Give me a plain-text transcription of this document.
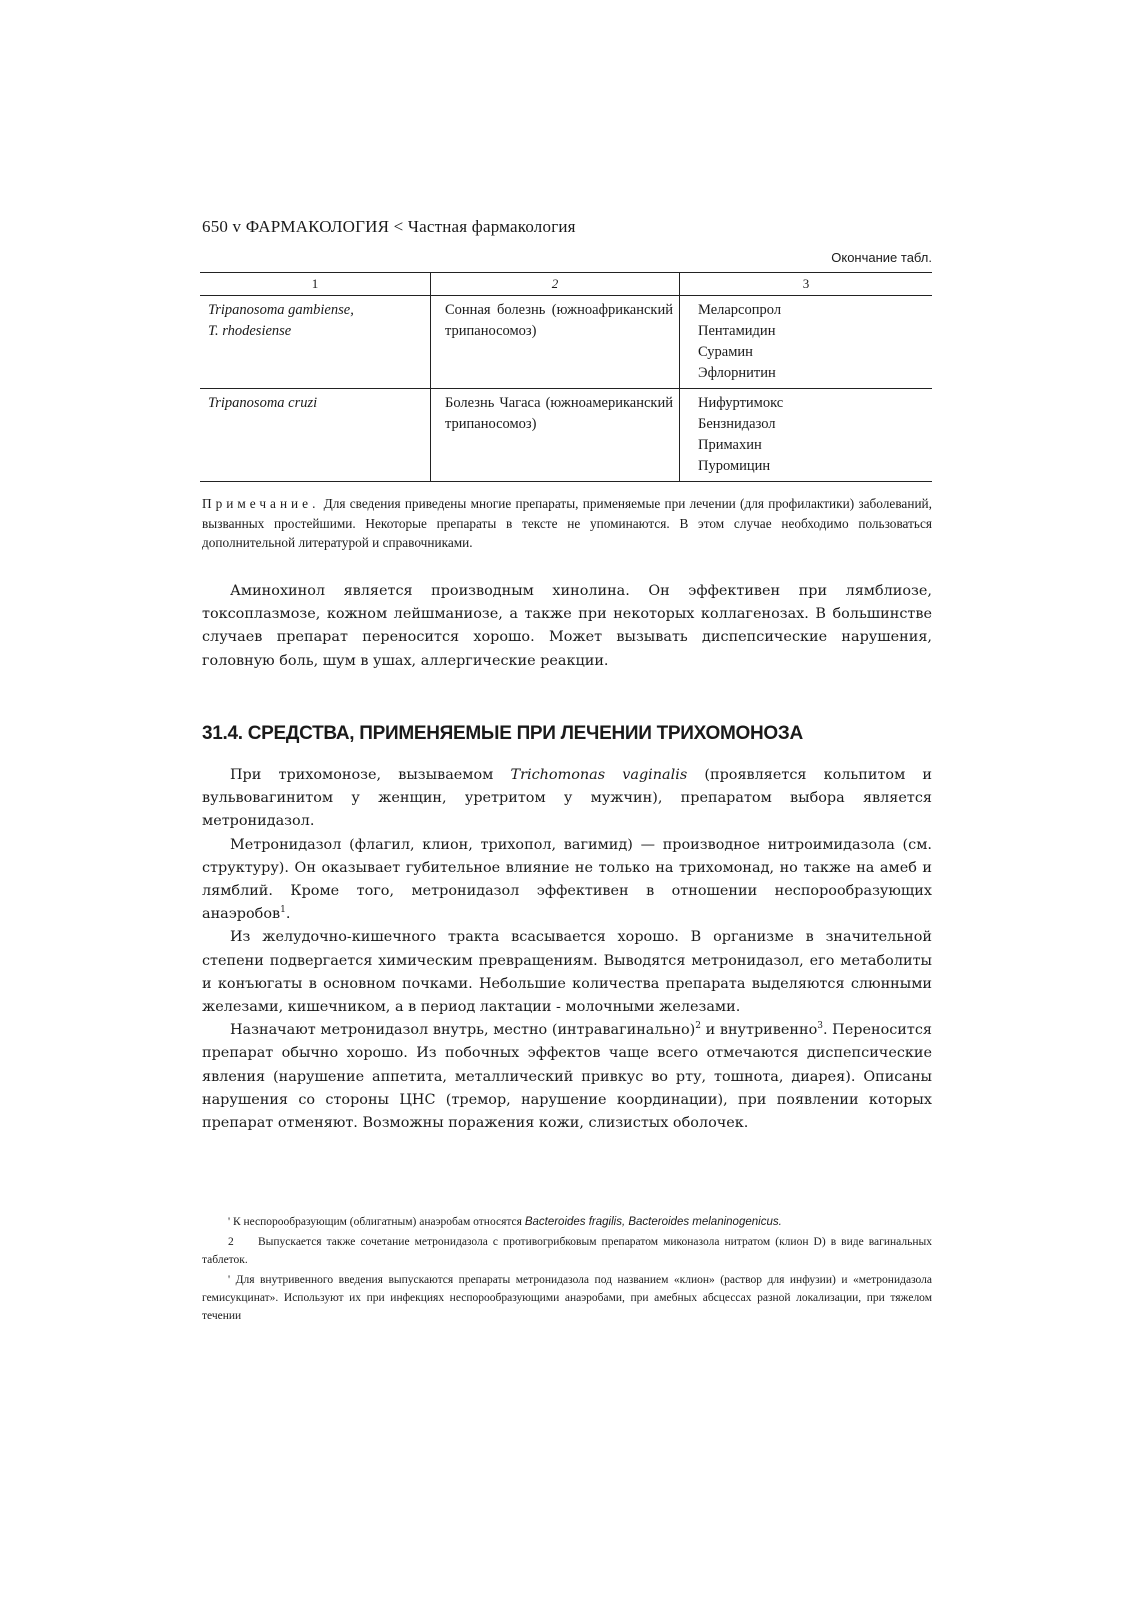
650 v ФАРМАКОЛОГИЯ < Частная фармакология
Окончание табл.
1	2	3

Tripanosoma gambiense,
T. rhodesiense	Сонная болезнь (южноафриканский трипаносомоз)	Меларсопрол
Пентамидин
Сурамин
Эфлорнитин

Tripanosoma cruzi	Болезнь Чагаса (южноамериканский трипаносомоз)	Нифуртимокс
Бензнидазол
Примахин
Пуромицин
Примечание. Для сведения приведены многие препараты, применяемые при лечении (для профилактики) заболеваний, вызванных простейшими. Некоторые препараты в тексте не упоминаются. В этом случае необходимо пользоваться дополнительной литературой и справочниками.

Аминохинол является производным хинолина. Он эффективен при лямблиозе, токсоплазмозе, кожном лейшманиозе, а также при некоторых коллагенозах. В большинстве случаев препарат переносится хорошо. Может вызывать диспепсические нарушения, головную боль, шум в ушах, аллергические реакции.

31.4. СРЕДСТВА, ПРИМЕНЯЕМЫЕ ПРИ ЛЕЧЕНИИ ТРИХОМОНОЗА

При трихомонозе, вызываемом Trichomonas vaginalis (проявляется кольпитом и вульвовагинитом у женщин, уретритом у мужчин), препаратом выбора является метронидазол.

Метронидазол (флагил, клион, трихопол, вагимид) — производное нитроимидазола (см. структуру). Он оказывает губительное влияние не только на трихомонад, но также на амеб и лямблий. Кроме того, метронидазол эффективен в отношении неспорообразующих анаэробов$^1$.

Из желудочно-кишечного тракта всасывается хорошо. В организме в значительной степени подвергается химическим превращениям. Выводятся метронидазол, его метаболиты и конъюгаты в основном почками. Небольшие количества препарата выделяются слюнными железами, кишечником, а в период лактации - молочными железами.

Назначают метронидазол внутрь, местно (интравагинально)$^2$ и внутривенно$^3$. Переносится препарат обычно хорошо. Из побочных эффектов чаще всего отмечаются диспепсические явления (нарушение аппетита, металлический привкус во рту, тошнота, диарея). Описаны нарушения со стороны ЦНС (тремор, нарушение координации), при появлении которых препарат отменяют. Возможны поражения кожи, слизистых оболочек.

' К неспорообразующим (облигатным) анаэробам относятся Bacteroides fragilis, Bacteroides melaninogenicus.

2 Выпускается также сочетание метронидазола с противогрибковым препаратом миконазола нитратом (клион D) в виде вагинальных таблеток.

' Для внутривенного введения выпускаются препараты метронидазола под названием «клион» (раствор для инфузии) и «метронидазола гемисукцинат». Используют их при инфекциях неспорообразующими анаэробами, при амебных абсцессах разной локализации, при тяжелом течении
